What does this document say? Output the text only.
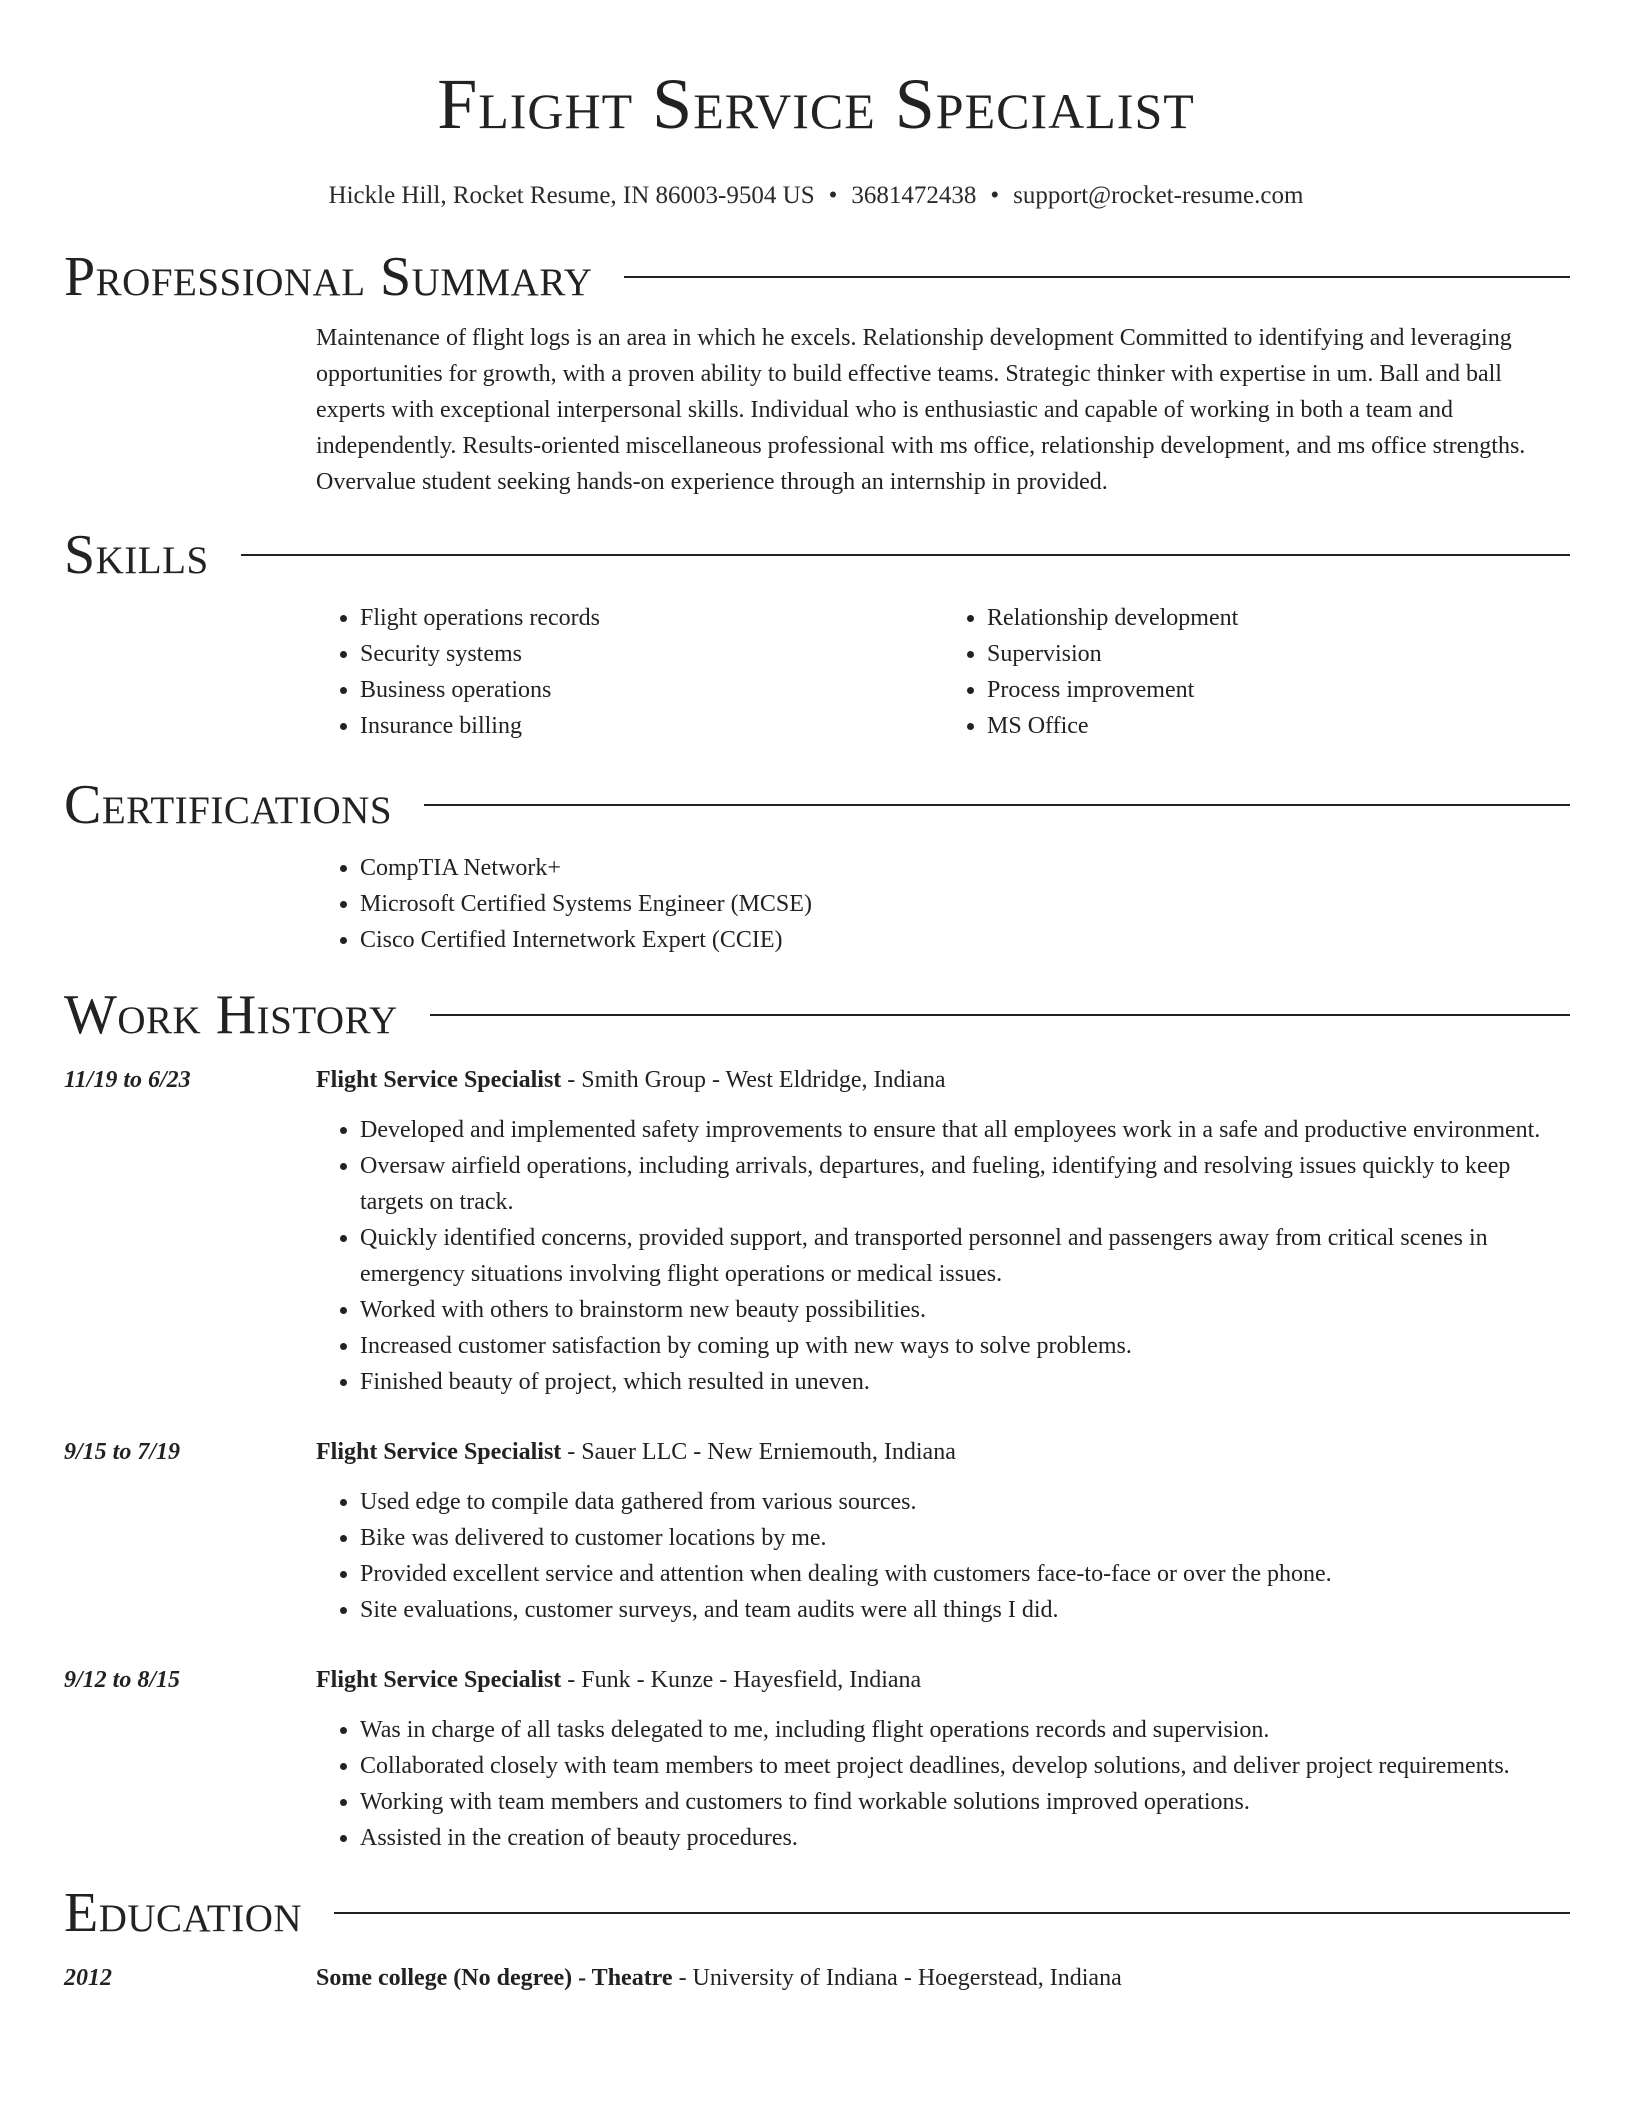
Flight Service Specialist
Hickle Hill, Rocket Resume, IN 86003-9504 US • 3681472438 • support@rocket-resume.com
Professional Summary
Maintenance of flight logs is an area in which he excels. Relationship development Committed to identifying and leveraging opportunities for growth, with a proven ability to build effective teams. Strategic thinker with expertise in um. Ball and ball experts with exceptional interpersonal skills. Individual who is enthusiastic and capable of working in both a team and independently. Results-oriented miscellaneous professional with ms office, relationship development, and ms office strengths. Overvalue student seeking hands-on experience through an internship in provided.
Skills
• Flight operations records
• Security systems
• Business operations
• Insurance billing
• Relationship development
• Supervision
• Process improvement
• MS Office
Certifications
• CompTIA Network+
• Microsoft Certified Systems Engineer (MCSE)
• Cisco Certified Internetwork Expert (CCIE)
Work History
11/19 to 6/23	Flight Service Specialist - Smith Group - West Eldridge, Indiana
• Developed and implemented safety improvements to ensure that all employees work in a safe and productive environment.
• Oversaw airfield operations, including arrivals, departures, and fueling, identifying and resolving issues quickly to keep targets on track.
• Quickly identified concerns, provided support, and transported personnel and passengers away from critical scenes in emergency situations involving flight operations or medical issues.
• Worked with others to brainstorm new beauty possibilities.
• Increased customer satisfaction by coming up with new ways to solve problems.
• Finished beauty of project, which resulted in uneven.
9/15 to 7/19	Flight Service Specialist - Sauer LLC - New Erniemouth, Indiana
• Used edge to compile data gathered from various sources.
• Bike was delivered to customer locations by me.
• Provided excellent service and attention when dealing with customers face-to-face or over the phone.
• Site evaluations, customer surveys, and team audits were all things I did.
9/12 to 8/15	Flight Service Specialist - Funk - Kunze - Hayesfield, Indiana
• Was in charge of all tasks delegated to me, including flight operations records and supervision.
• Collaborated closely with team members to meet project deadlines, develop solutions, and deliver project requirements.
• Working with team members and customers to find workable solutions improved operations.
• Assisted in the creation of beauty procedures.
Education
2012	Some college (No degree) - Theatre - University of Indiana - Hoegerstead, Indiana
